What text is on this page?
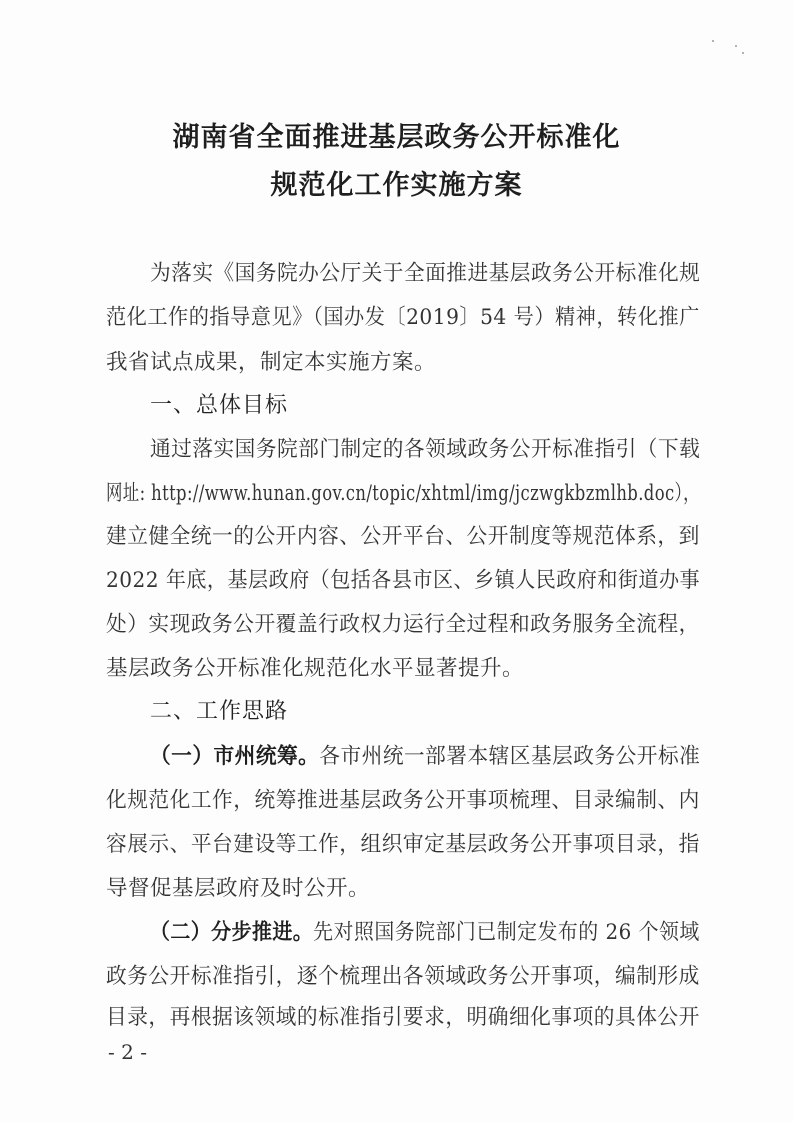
湖南省全面推进基层政务公开标准化
规范化工作实施方案
为落实《国务院办公厅关于全面推进基层政务公开标准化规
范化工作的指导意见》（国办发〔2019〕54 号）精神，转化推广
我省试点成果，制定本实施方案。
一、总体目标
通过落实国务院部门制定的各领域政务公开标准指引（下载
网址: http://www.hunan.gov.cn/topic/xhtml/img/jczwgkbzmlhb.doc），
建立健全统一的公开内容、公开平台、公开制度等规范体系，到
2022 年底，基层政府（包括各县市区、乡镇人民政府和街道办事
处）实现政务公开覆盖行政权力运行全过程和政务服务全流程，
基层政务公开标准化规范化水平显著提升。
二、工作思路
（一）市州统筹。各市州统一部署本辖区基层政务公开标准
化规范化工作，统筹推进基层政务公开事项梳理、目录编制、内
容展示、平台建设等工作，组织审定基层政务公开事项目录，指
导督促基层政府及时公开。
（二）分步推进。先对照国务院部门已制定发布的 26 个领域
政务公开标准指引，逐个梳理出各领域政务公开事项，编制形成
目录，再根据该领域的标准指引要求，明确细化事项的具体公开
- 2 -
